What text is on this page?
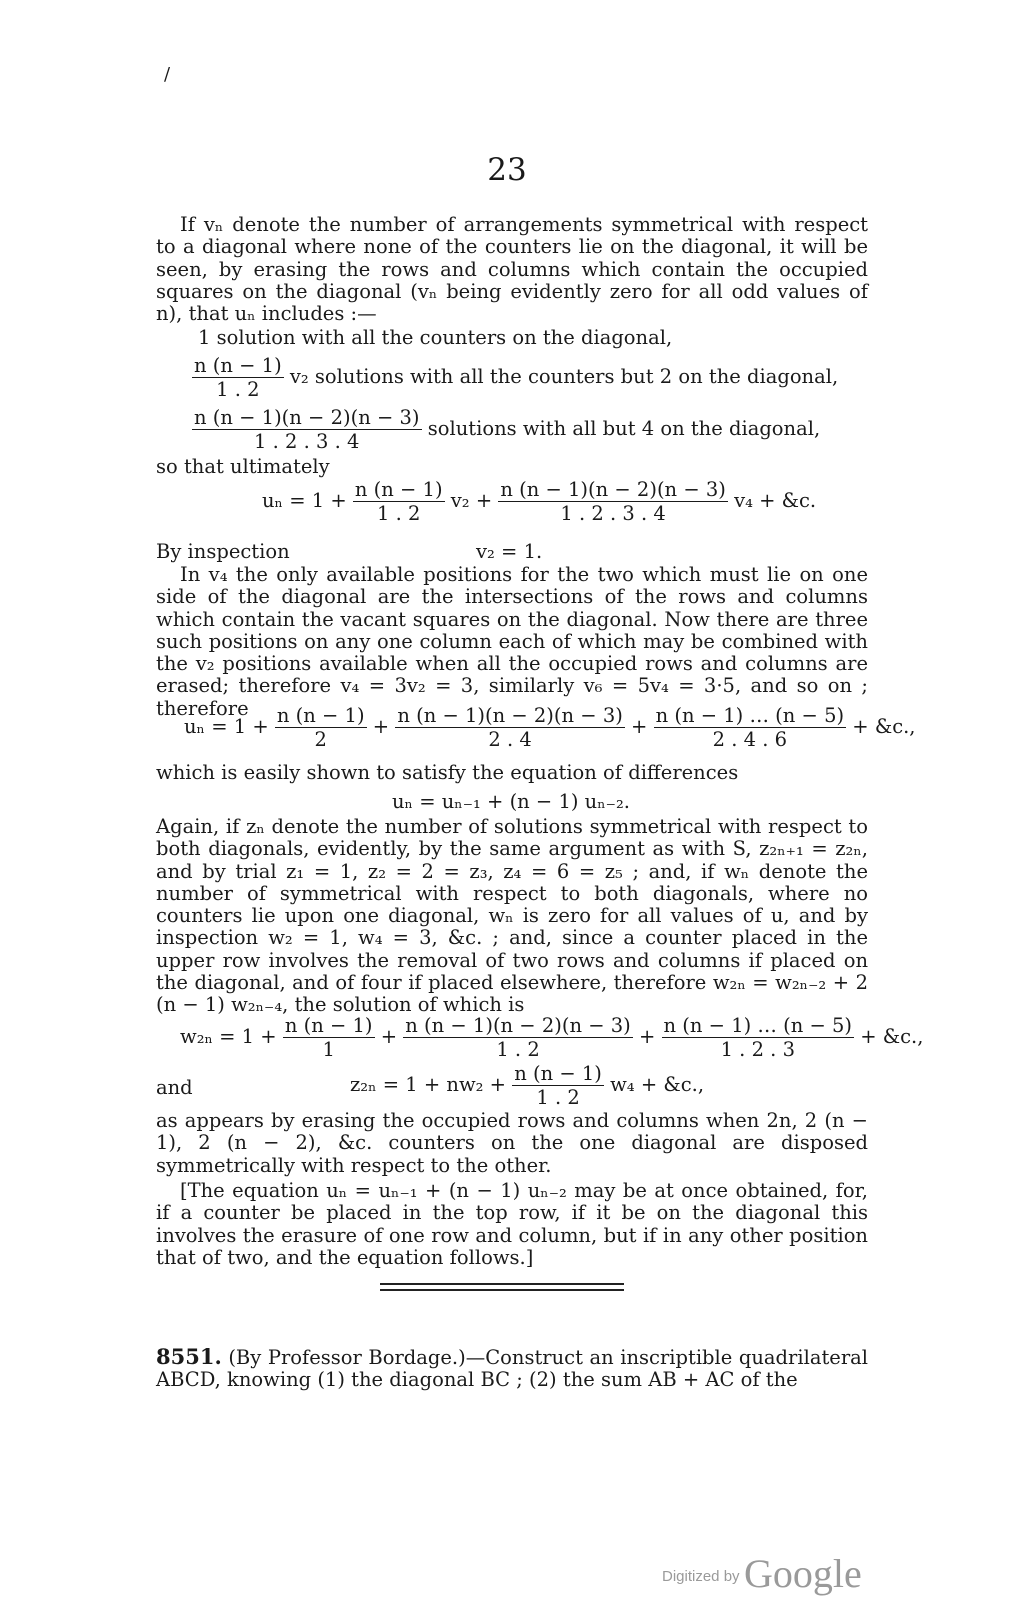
/
23

If vₙ denote the number of arrangements symmetrical with respect to a diagonal where none of the counters lie on the diagonal, it will be seen, by erasing the rows and columns which contain the occupied squares on the diagonal (vₙ being evidently zero for all odd values of n), that uₙ includes :—

1 solution with all the counters on the diagonal,
$\frac{n (n - 1)}{1 . 2} v_2$ solutions with all the counters but 2 on the diagonal,
$\frac{n (n - 1)(n - 2)(n - 3)}{1 . 2 . 3 . 4}$ solutions with all but 4 on the diagonal,

so that ultimately

$u_n = 1 + \frac{n (n - 1)}{1 . 2} v_2 + \frac{n (n - 1)(n - 2)(n - 3)}{1 . 2 . 3 . 4} v_4$ + &c.
By inspection	v₂ = 1.

In v₄ the only available positions for the two which must lie on one side of the diagonal are the intersections of the rows and columns which contain the vacant squares on the diagonal. Now there are three such positions on any one column each of which may be combined with the v₂ positions available when all the occupied rows and columns are erased; therefore v₄ = 3v₂ = 3, similarly v₆ = 5v₄ = 3·5, and so on ; therefore

$u_n = 1 + \frac{n (n - 1)}{2} + \frac{n (n - 1)(n - 2)(n - 3)}{2 . 4} + \frac{n (n - 1) \dots (n - 5)}{2 . 4 . 6}$ + &c.,

which is easily shown to satisfy the equation of differences

uₙ = uₙ₋₁ + (n − 1) uₙ₋₂.

Again, if zₙ denote the number of solutions symmetrical with respect to both diagonals, evidently, by the same argument as with S, z₂ₙ₊₁ = z₂ₙ, and by trial z₁ = 1, z₂ = 2 = z₃, z₄ = 6 = z₅ ; and, if wₙ denote the number of symmetrical with respect to both diagonals, where no counters lie upon one diagonal, wₙ is zero for all values of u, and by inspection w₂ = 1, w₄ = 3, &c. ; and, since a counter placed in the upper row involves the removal of two rows and columns if placed on the diagonal, and of four if placed elsewhere, therefore w₂ₙ = w₂ₙ₋₂ + 2 (n − 1) w₂ₙ₋₄, the solution of which is

$w_{2n} = 1 + \frac{n (n - 1)}{1} + \frac{n (n - 1)(n - 2)(n - 3)}{1 . 2} + \frac{n (n - 1) \dots (n - 5)}{1 . 2 . 3}$ + &c.,
and	$z_{2n} = 1 + nw_2 + \frac{n (n - 1)}{1 . 2} w_4$ + &c.,

as appears by erasing the occupied rows and columns when 2n, 2 (n − 1), 2 (n − 2), &c. counters on the one diagonal are disposed symmetrically with respect to the other.

[The equation uₙ = uₙ₋₁ + (n − 1) uₙ₋₂ may be at once obtained, for, if a counter be placed in the top row, if it be on the diagonal this involves the erasure of one row and column, but if in any other position that of two, and the equation follows.]

8551. (By Professor Bordage.)—Construct an inscriptible quadrilateral ABCD, knowing (1) the diagonal BC ; (2) the sum AB + AC of the
Digitized by Google
